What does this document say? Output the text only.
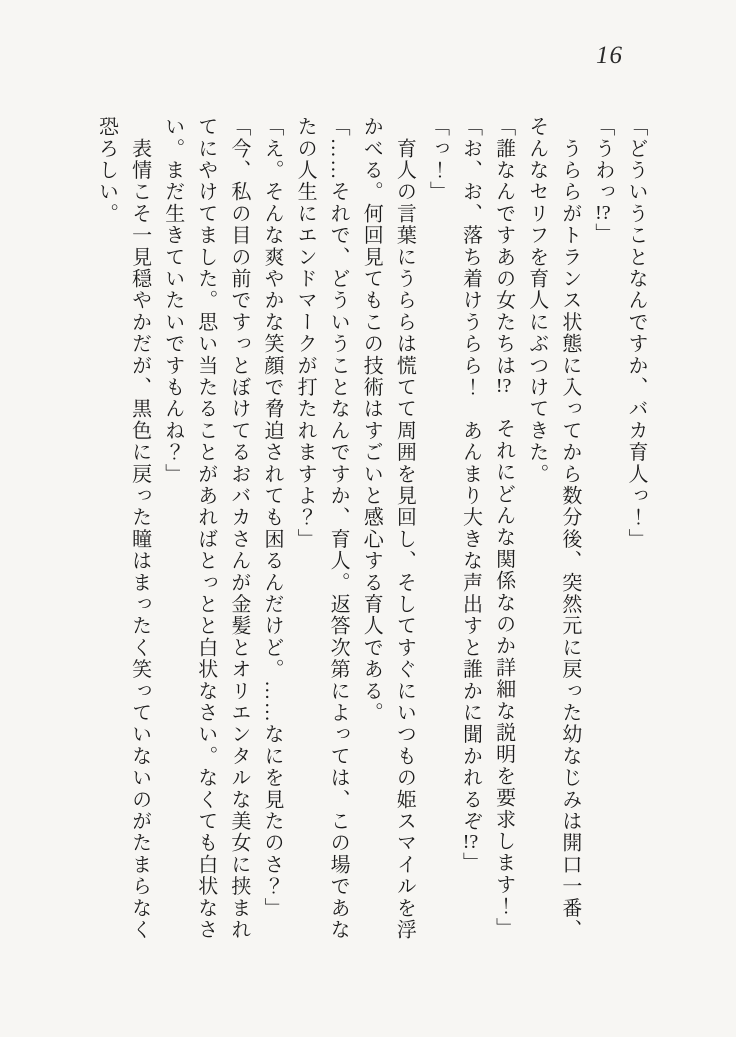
16

「どういうことなんですか、バカ育人っ！」

「うわっ!?」

　うららがトランス状態に入ってから数分後、突然元に戻った幼なじみは開口一番、

そんなセリフを育人にぶつけてきた。

「誰なんですあの女たちは!?　それにどんな関係なのか詳細な説明を要求します！」

「お、お、落ち着けうらら！　あんまり大きな声出すと誰かに聞かれるぞ!?」

「っ！」

　育人の言葉にうららは慌てて周囲を見回し、そしてすぐにいつもの姫スマイルを浮

かべる。何回見てもこの技術はすごいと感心する育人である。

「……それで、どういうことなんですか、育人。返答次第によっては、この場であな

たの人生にエンドマークが打たれますよ？」

「え。そんな爽やかな笑顔で脅迫されても困るんだけど。……なにを見たのさ？」

「今、私の目の前ですっとぼけてるおバカさんが金髪とオリエンタルな美女に挟まれ

てにやけてました。思い当たることがあればとっとと白状なさい。なくても白状なさ

い。まだ生きていたいですもんね？」

　表情こそ一見穏やかだが、黒色に戻った瞳はまったく笑っていないのがたまらなく

恐ろしい。
